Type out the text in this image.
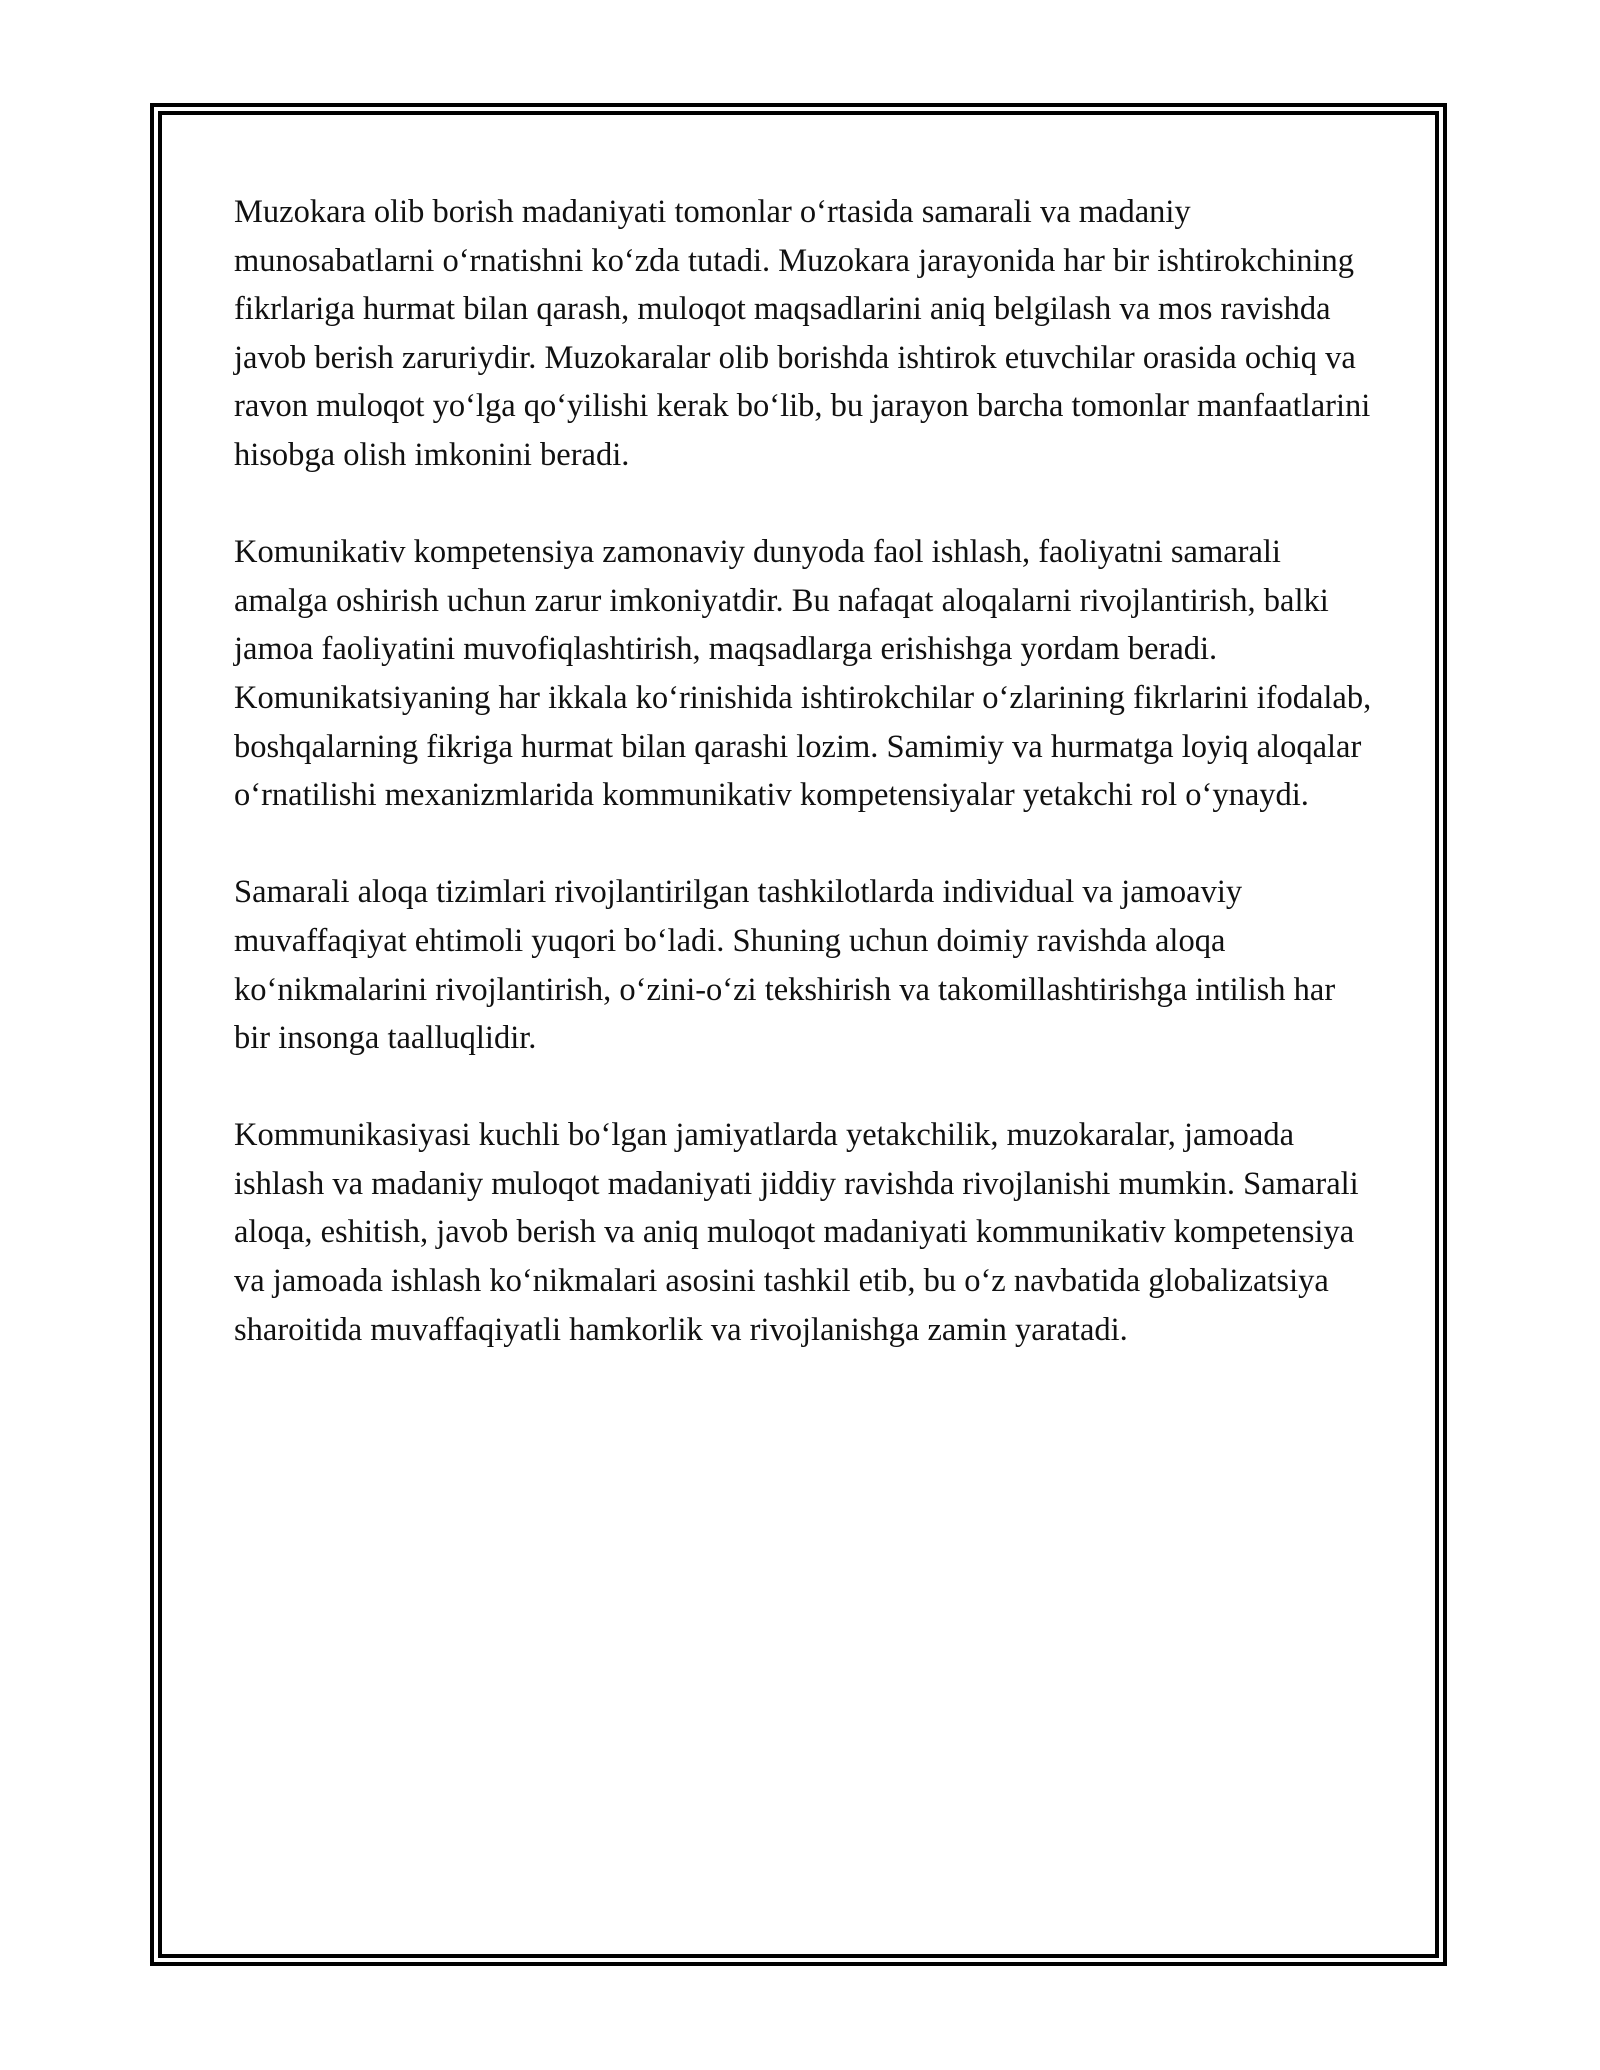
Muzokara olib borish madaniyati tomonlar o‘rtasida samarali va madaniy munosabatlarni o‘rnatishni ko‘zda tutadi. Muzokara jarayonida har bir ishtirokchining fikrlariga hurmat bilan qarash, muloqot maqsadlarini aniq belgilash va mos ravishda javob berish zaruriydir. Muzokaralar olib borishda ishtirok etuvchilar orasida ochiq va ravon muloqot yo‘lga qo‘yilishi kerak bo‘lib, bu jarayon barcha tomonlar manfaatlarini hisobga olish imkonini beradi.

Komunikativ kompetensiya zamonaviy dunyoda faol ishlash, faoliyatni samarali amalga oshirish uchun zarur imkoniyatdir. Bu nafaqat aloqalarni rivojlantirish, balki jamoa faoliyatini muvofiqlashtirish, maqsadlarga erishishga yordam beradi. Komunikatsiyaning har ikkala ko‘rinishida ishtirokchilar o‘zlarining fikrlarini ifodalab, boshqalarning fikriga hurmat bilan qarashi lozim. Samimiy va hurmatga loyiq aloqalar o‘rnatilishi mexanizmlarida kommunikativ kompetensiyalar yetakchi rol o‘ynaydi.

Samarali aloqa tizimlari rivojlantirilgan tashkilotlarda individual va jamoaviy muvaffaqiyat ehtimoli yuqori bo‘ladi. Shuning uchun doimiy ravishda aloqa ko‘nikmalarini rivojlantirish, o‘zini-o‘zi tekshirish va takomillashtirishga intilish har bir insonga taalluqlidir.

Kommunikasiyasi kuchli bo‘lgan jamiyatlarda yetakchilik, muzokaralar, jamoada ishlash va madaniy muloqot madaniyati jiddiy ravishda rivojlanishi mumkin. Samarali aloqa, eshitish, javob berish va aniq muloqot madaniyati kommunikativ kompetensiya va jamoada ishlash ko‘nikmalari asosini tashkil etib, bu o‘z navbatida globalizatsiya sharoitida muvaffaqiyatli hamkorlik va rivojlanishga zamin yaratadi.
